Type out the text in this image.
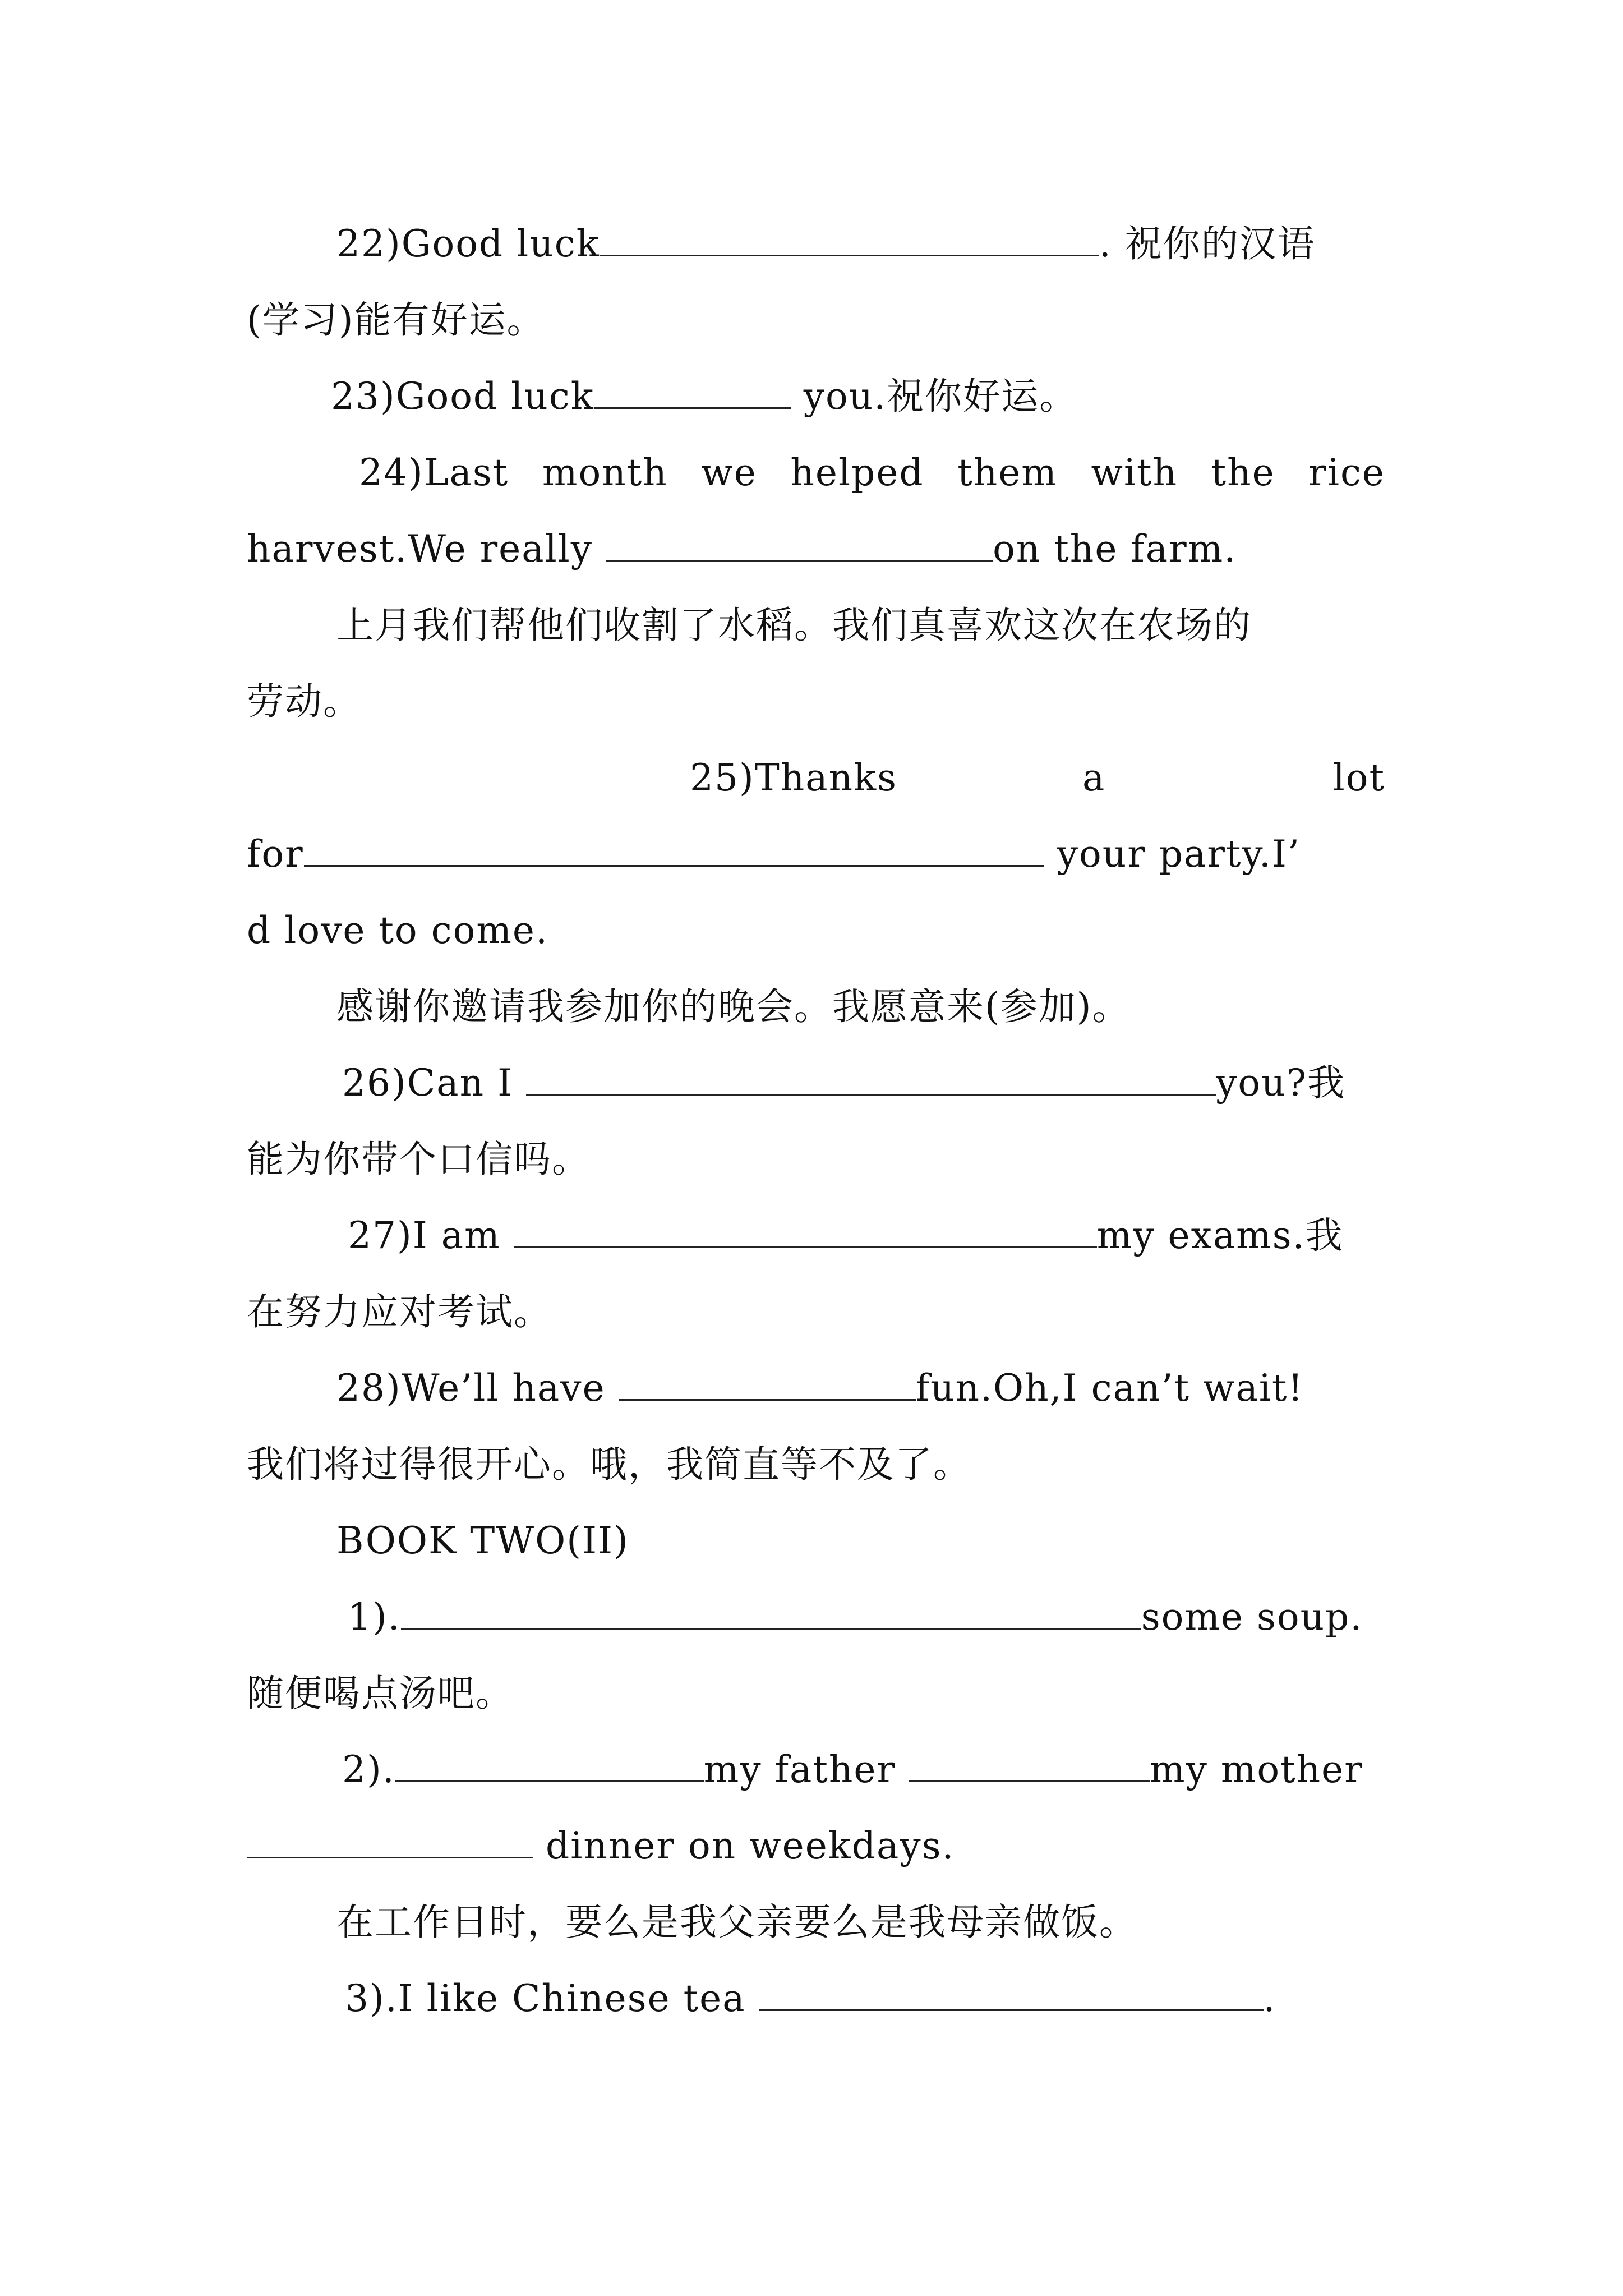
22)Good luck	. 祝你的汉语
(学习)能有好运。
23)Good luck	you.祝你好运。
24)Last month we helped them with the rice
harvest.We really	on the farm.
上月我们帮他们收割了水稻。我们真喜欢这次在农场的
劳动。
25)Thanks	a	lot
for	your party.I’
d love to come.
感谢你邀请我参加你的晚会。我愿意来(参加)。
26)Can I	you?我
能为你带个口信吗。
27)I am	my exams.我
在努力应对考试。
28)We’ll have	fun.Oh,I can’t wait!
我们将过得很开心。哦，我简直等不及了。
BOOK TWO(II)
1).	some soup.
随便喝点汤吧。
2).	my father	my mother
dinner on weekdays.
在工作日时，要么是我父亲要么是我母亲做饭。
3).I like Chinese tea	.
